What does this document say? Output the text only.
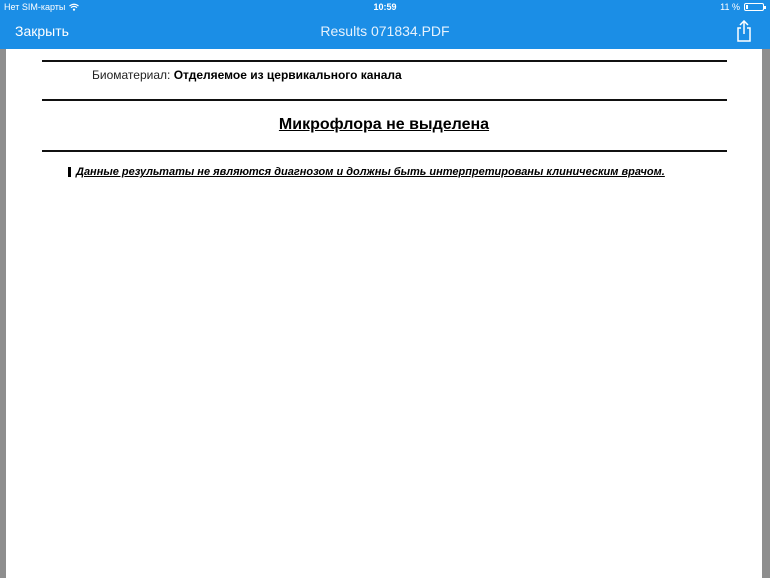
Нет SIM-карты	10:59	11 %
Закрыть	Results 071834.PDF
Биоматериал: Отделяемое из цервикального канала
Микрофлора не выделена
Данные результаты не являются диагнозом и должны быть интерпретированы клиническим врачом.
